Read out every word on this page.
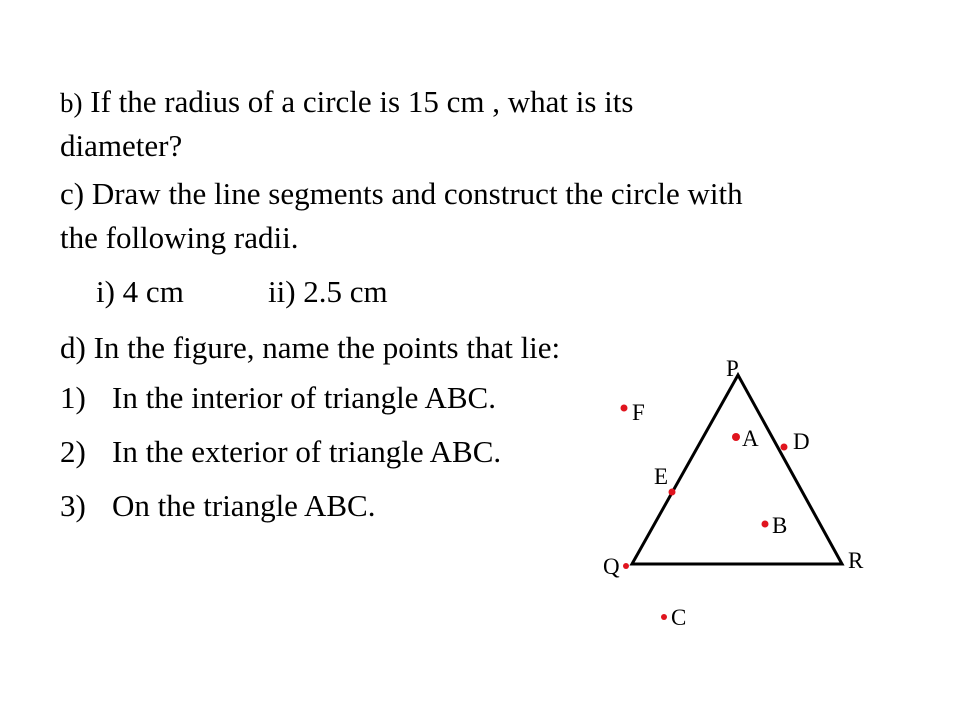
b) If the radius of a circle is 15 cm , what is its
diameter?
c) Draw the line segments and construct the circle with
the following radii.
i) 4 cm	ii) 2.5 cm
d) In the figure, name the points that lie:
1) In the interior of triangle ABC.
2) In the exterior of triangle ABC.
3) On the triangle ABC.
P
Q	R
F
A D
E
B
C
